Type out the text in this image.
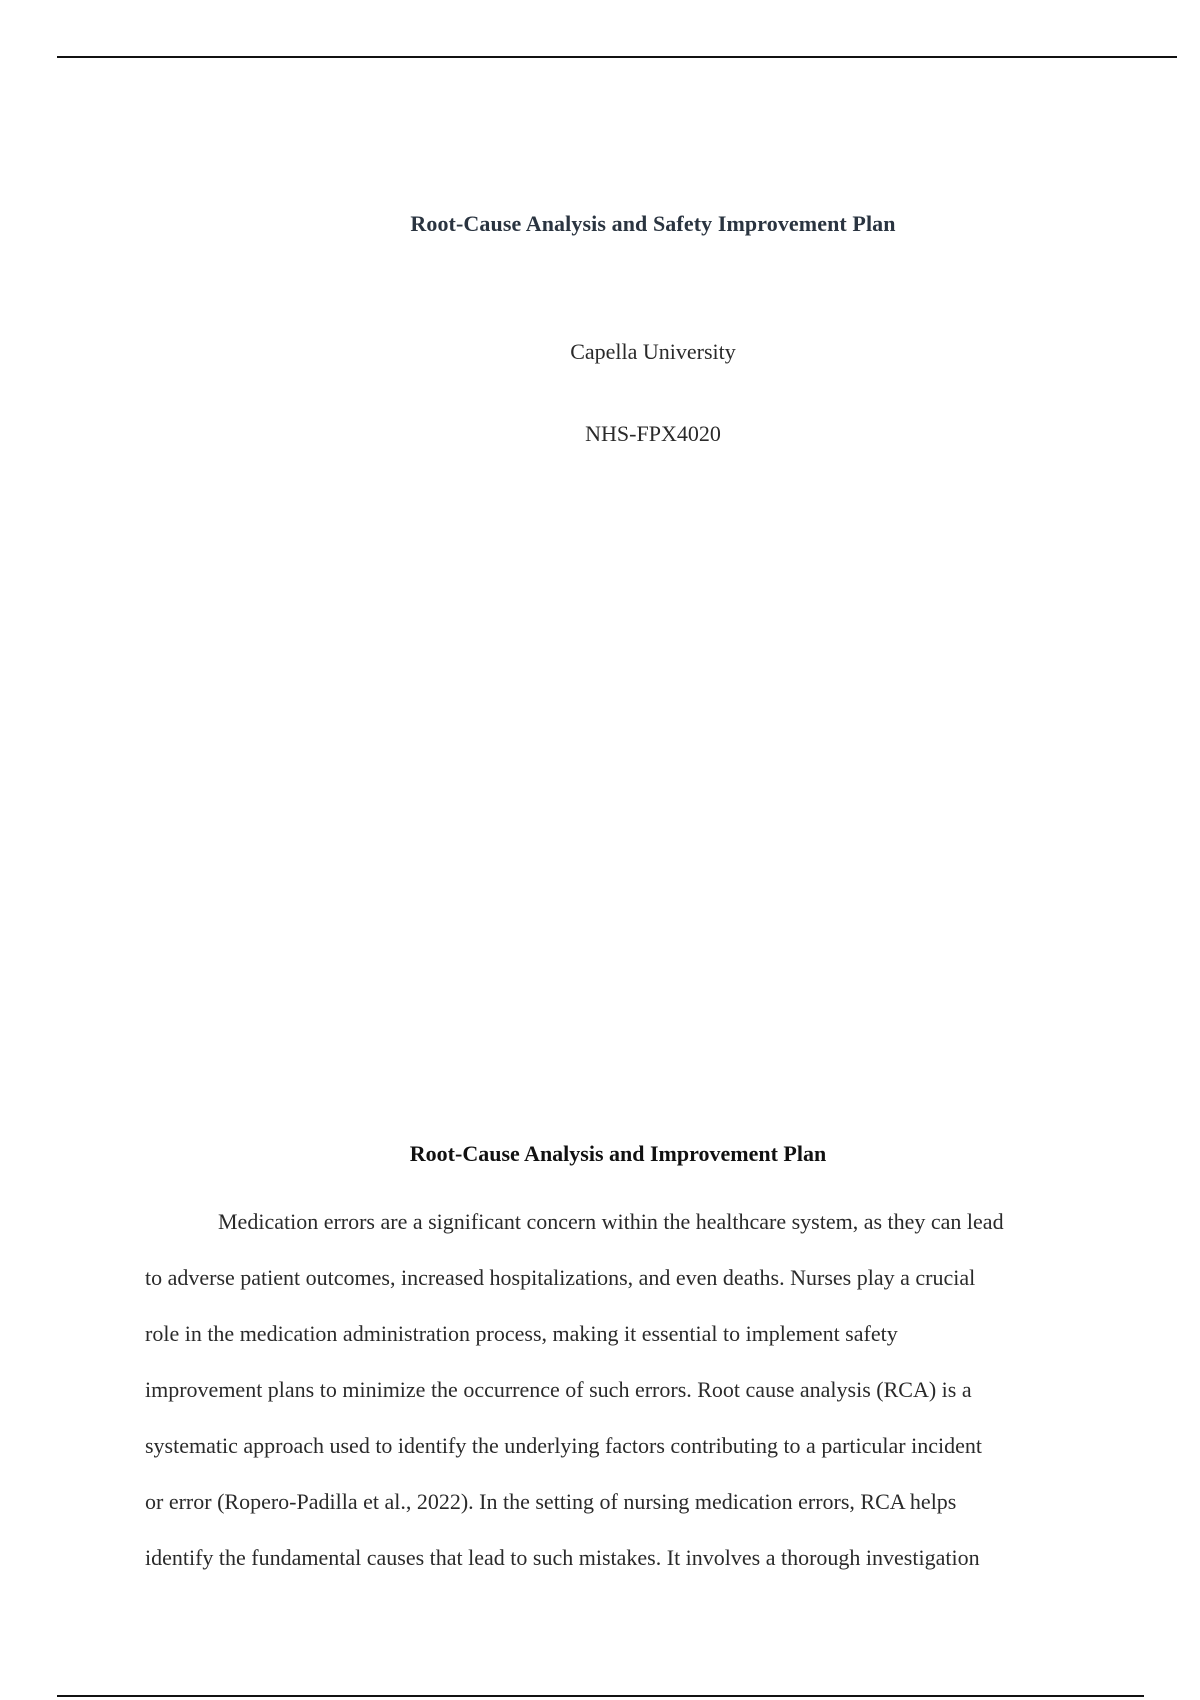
Root-Cause Analysis and Safety Improvement Plan
Capella University
NHS-FPX4020
Root-Cause Analysis and Improvement Plan

Medication errors are a significant concern within the healthcare system, as they can lead
to adverse patient outcomes, increased hospitalizations, and even deaths. Nurses play a crucial
role in the medication administration process, making it essential to implement safety
improvement plans to minimize the occurrence of such errors. Root cause analysis (RCA) is a
systematic approach used to identify the underlying factors contributing to a particular incident
or error (Ropero-Padilla et al., 2022). In the setting of nursing medication errors, RCA helps
identify the fundamental causes that lead to such mistakes. It involves a thorough investigation
